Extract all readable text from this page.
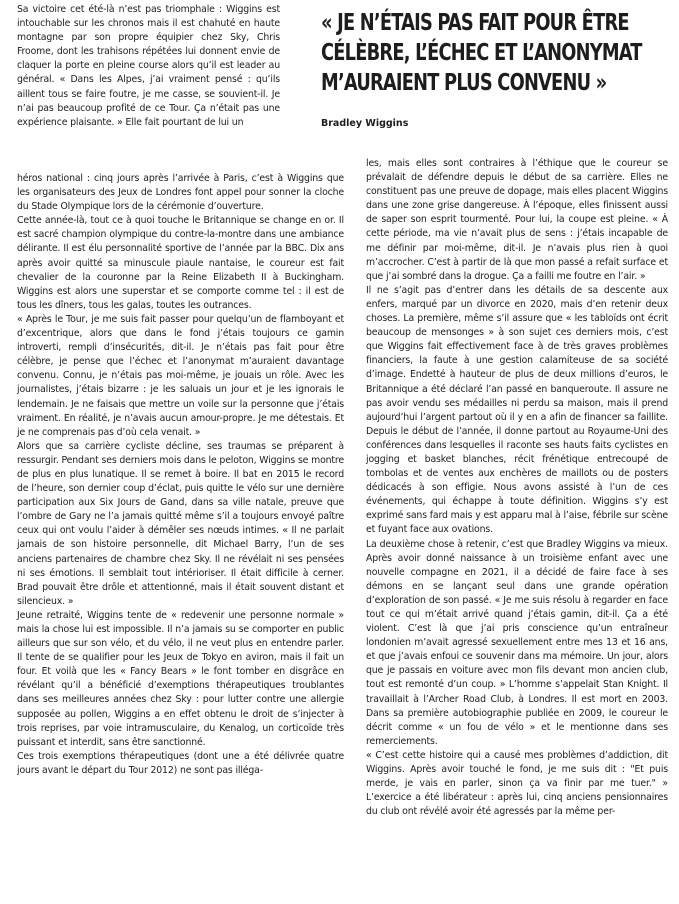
Sa victoire cet été-là n’est pas triomphale : Wiggins est intouchable sur les chronos mais il est chahuté en haute montagne par son propre équipier chez Sky, Chris Froome, dont les trahisons répétées lui donnent envie de claquer la porte en pleine course alors qu’il est leader au général. « Dans les Alpes, j’ai vraiment pensé : qu’ils aillent tous se faire foutre, je me casse, se souvient-il. Je n’ai pas beaucoup profité de ce Tour. Ça n’était pas une expérience plaisante. » Elle fait pourtant de lui un

« JE N’ÉTAIS PAS FAIT POUR ÊTRE CÉLÈBRE, L’ÉCHEC ET L’ANONYMAT M’AURAIENT PLUS CONVENU »

Bradley Wiggins

héros national : cinq jours après l’arrivée à Paris, c’est à Wiggins que les organisateurs des Jeux de Londres font appel pour sonner la cloche du Stade Olympique lors de la cérémonie d’ouverture.

Cette année-là, tout ce à quoi touche le Britannique se change en or. Il est sacré champion olympique du contre-la-montre dans une ambiance délirante. Il est élu personnalité sportive de l’année par la BBC. Dix ans après avoir quitté sa minuscule piaule nantaise, le coureur est fait chevalier de la couronne par la Reine Elizabeth II à Buckingham. Wiggins est alors une superstar et se comporte comme tel : il est de tous les dîners, tous les galas, toutes les outrances.

« Après le Tour, je me suis fait passer pour quelqu’un de flamboyant et d’excentrique, alors que dans le fond j’étais toujours ce gamin introverti, rempli d’insécurités, dit-il. Je n’étais pas fait pour être célèbre, je pense que l’échec et l’anonymat m’auraient davantage convenu. Connu, je n’étais pas moi-même, je jouais un rôle. Avec les journalistes, j’étais bizarre : je les saluais un jour et je les ignorais le lendemain. Je ne faisais que mettre un voile sur la personne que j’étais vraiment. En réalité, je n’avais aucun amour-propre. Je me détestais. Et je ne comprenais pas d’où cela venait. »

Alors que sa carrière cycliste décline, ses traumas se préparent à ressurgir. Pendant ses derniers mois dans le peloton, Wiggins se montre de plus en plus lunatique. Il se remet à boire. Il bat en 2015 le record de l’heure, son dernier coup d’éclat, puis quitte le vélo sur une dernière participation aux Six Jours de Gand, dans sa ville natale, preuve que l’ombre de Gary ne l’a jamais quitté même s’il a toujours envoyé paître ceux qui ont voulu l’aider à démêler ses nœuds intimes. « Il ne parlait jamais de son histoire personnelle, dit Michael Barry, l’un de ses anciens partenaires de chambre chez Sky. Il ne révélait ni ses pensées ni ses émotions. Il semblait tout intérioriser. Il était difficile à cerner. Brad pouvait être drôle et attentionné, mais il était souvent distant et silencieux. »

Jeune retraité, Wiggins tente de « redevenir une personne normale » mais la chose lui est impossible. Il n’a jamais su se comporter en public ailleurs que sur son vélo, et du vélo, il ne veut plus en entendre parler. Il tente de se qualifier pour les Jeux de Tokyo en aviron, mais il fait un four. Et voilà que les « Fancy Bears » le font tomber en disgrâce en révélant qu’il a bénéficié d’exemptions thérapeutiques troublantes dans ses meilleures années chez Sky : pour lutter contre une allergie supposée au pollen, Wiggins a en effet obtenu le droit de s’injecter à trois reprises, par voie intramusculaire, du Kenalog, un corticoïde très puissant et interdit, sans être sanctionné.

Ces trois exemptions thérapeutiques (dont une a été délivrée quatre jours avant le départ du Tour 2012) ne sont pas illéga-

les, mais elles sont contraires à l’éthique que le coureur se prévalait de défendre depuis le début de sa carrière. Elles ne constituent pas une preuve de dopage, mais elles placent Wiggins dans une zone grise dangereuse. À l’époque, elles finissent aussi de saper son esprit tourmenté. Pour lui, la coupe est pleine. « À cette période, ma vie n’avait plus de sens : j’étais incapable de me définir par moi-même, dit-il. Je n’avais plus rien à quoi m’accrocher. C’est à partir de là que mon passé a refait surface et que j’ai sombré dans la drogue. Ça a failli me foutre en l’air. »

Il ne s’agit pas d’entrer dans les détails de sa descente aux enfers, marqué par un divorce en 2020, mais d’en retenir deux choses. La première, même s’il assure que « les tabloïds ont écrit beaucoup de mensonges » à son sujet ces derniers mois, c’est que Wiggins fait effectivement face à de très graves problèmes financiers, la faute à une gestion calamiteuse de sa société d’image. Endetté à hauteur de plus de deux millions d’euros, le Britannique a été déclaré l’an passé en banqueroute. Il assure ne pas avoir vendu ses médailles ni perdu sa maison, mais il prend aujourd’hui l’argent partout où il y en a afin de financer sa faillite. Depuis le début de l’année, il donne partout au Royaume-Uni des conférences dans lesquelles il raconte ses hauts faits cyclistes en jogging et basket blanches, récit frénétique entrecoupé de tombolas et de ventes aux enchères de maillots ou de posters dédicacés à son effigie. Nous avons assisté à l’un de ces événements, qui échappe à toute définition. Wiggins s’y est exprimé sans fard mais y est apparu mal à l’aise, fébrile sur scène et fuyant face aux ovations.

La deuxième chose à retenir, c’est que Bradley Wiggins va mieux. Après avoir donné naissance à un troisième enfant avec une nouvelle compagne en 2021, il a décidé de faire face à ses démons en se lançant seul dans une grande opération d’exploration de son passé. « Je me suis résolu à regarder en face tout ce qui m’était arrivé quand j’étais gamin, dit-il. Ça a été violent. C’est là que j’ai pris conscience qu’un entraîneur londonien m’avait agressé sexuellement entre mes 13 et 16 ans, et que j’avais enfoui ce souvenir dans ma mémoire. Un jour, alors que je passais en voiture avec mon fils devant mon ancien club, tout est remonté d’un coup. » L’homme s’appelait Stan Knight. Il travaillait à l’Archer Road Club, à Londres. Il est mort en 2003. Dans sa première autobiographie publiée en 2009, le coureur le décrit comme « un fou de vélo » et le mentionne dans ses remerciements.

« C’est cette histoire qui a causé mes problèmes d’addiction, dit Wiggins. Après avoir touché le fond, je me suis dit : "Et puis merde, je vais en parler, sinon ça va finir par me tuer." » L’exercice a été libérateur : après lui, cinq anciens pensionnaires du club ont révélé avoir été agressés par la même per-
